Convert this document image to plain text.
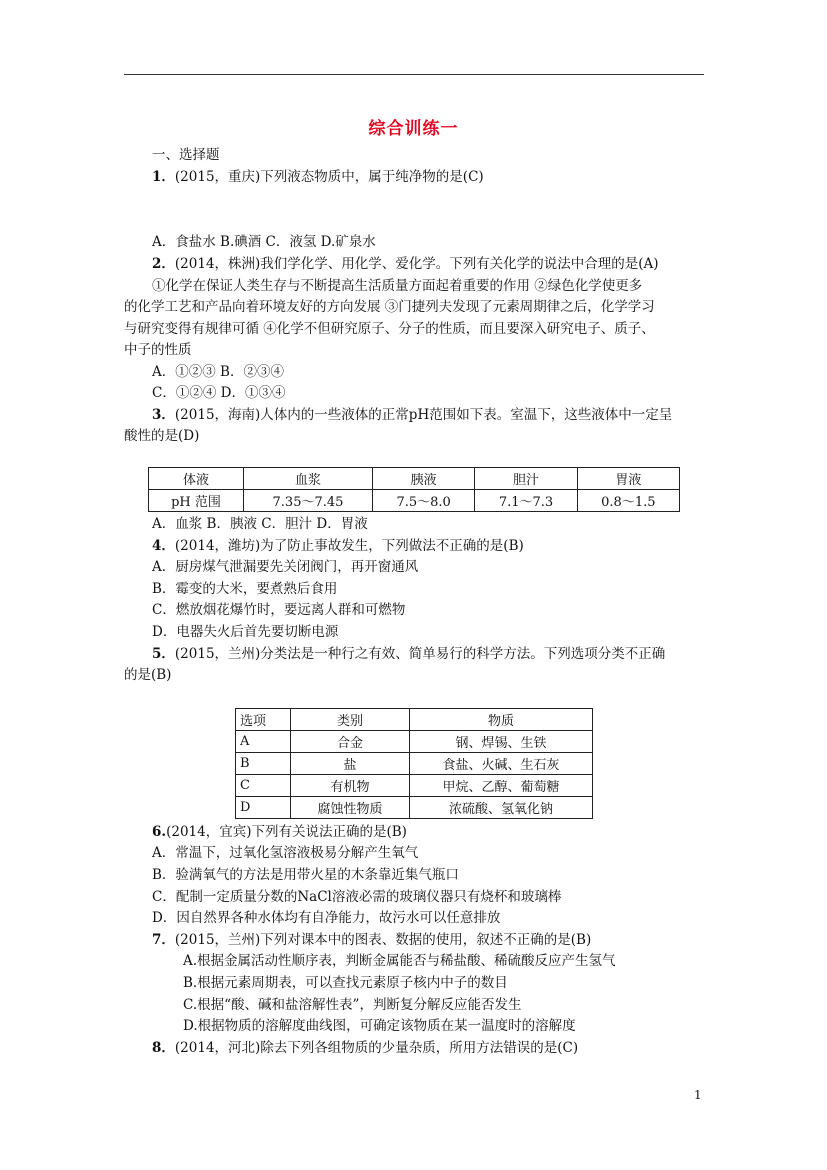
综合训练一
一、选择题
1．(2015，重庆)下列液态物质中，属于纯净物的是(C)
A．食盐水 B.碘酒 C．液氢 D.矿泉水
2．(2014，株洲)我们学化学、用化学、爱化学。下列有关化学的说法中合理的是(A)
①化学在保证人类生存与不断提高生活质量方面起着重要的作用 ②绿色化学使更多
的化学工艺和产品向着环境友好的方向发展 ③门捷列夫发现了元素周期律之后，化学学习
与研究变得有规律可循 ④化学不但研究原子、分子的性质，而且要深入研究电子、质子、
中子的性质
A．①②③ B．②③④
C．①②④ D．①③④
3．(2015，海南)人体内的一些液体的正常pH范围如下表。室温下，这些液体中一定呈
酸性的是(D)
体液	血浆	胰液	胆汁	胃液
pH 范围	7.35～7.45	7.5～8.0	7.1～7.3	0.8～1.5
A．血浆 B．胰液 C．胆汁 D．胃液
4．(2014，潍坊)为了防止事故发生，下列做法不正确的是(B)
A．厨房煤气泄漏要先关闭阀门，再开窗通风
B．霉变的大米，要煮熟后食用
C．燃放烟花爆竹时，要远离人群和可燃物
D．电器失火后首先要切断电源
5．(2015，兰州)分类法是一种行之有效、简单易行的科学方法。下列选项分类不正确
的是(B)
选项	类别	物质
A	合金	钢、焊锡、生铁
B	盐	食盐、火碱、生石灰
C	有机物	甲烷、乙醇、葡萄糖
D	腐蚀性物质	浓硫酸、氢氧化钠
6.(2014，宜宾)下列有关说法正确的是(B)
A．常温下，过氧化氢溶液极易分解产生氧气
B．验满氧气的方法是用带火星的木条靠近集气瓶口
C．配制一定质量分数的NaCl溶液必需的玻璃仪器只有烧杯和玻璃棒
D．因自然界各种水体均有自净能力，故污水可以任意排放
7．(2015，兰州)下列对课本中的图表、数据的使用，叙述不正确的是(B)
A.根据金属活动性顺序表，判断金属能否与稀盐酸、稀硫酸反应产生氢气
B.根据元素周期表，可以查找元素原子核内中子的数目
C.根据“酸、碱和盐溶解性表”，判断复分解反应能否发生
D.根据物质的溶解度曲线图，可确定该物质在某一温度时的溶解度
8．(2014，河北)除去下列各组物质的少量杂质，所用方法错误的是(C)
1
